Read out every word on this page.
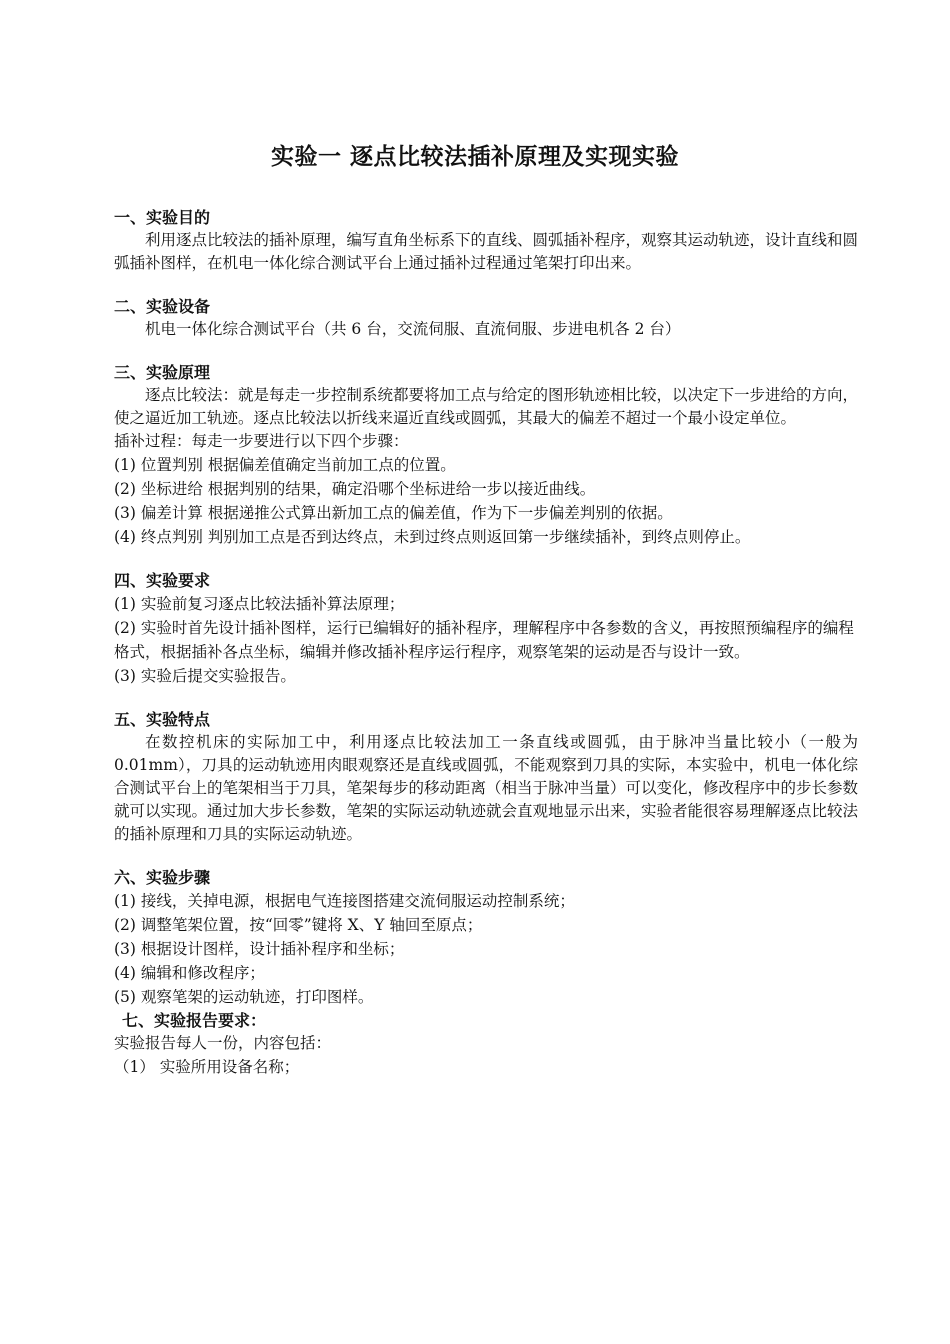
实验一 逐点比较法插补原理及实现实验

一、实验目的

利用逐点比较法的插补原理，编写直角坐标系下的直线、圆弧插补程序，观察其运动轨迹，设计直线和圆弧插补图样，在机电一体化综合测试平台上通过插补过程通过笔架打印出来。

二、实验设备

机电一体化综合测试平台（共 6 台，交流伺服、直流伺服、步进电机各 2 台）

三、实验原理

逐点比较法：就是每走一步控制系统都要将加工点与给定的图形轨迹相比较，以决定下一步进给的方向，使之逼近加工轨迹。逐点比较法以折线来逼近直线或圆弧，其最大的偏差不超过一个最小设定单位。

插补过程：每走一步要进行以下四个步骤：

(1) 位置判别 根据偏差值确定当前加工点的位置。

(2) 坐标进给 根据判别的结果，确定沿哪个坐标进给一步以接近曲线。

(3) 偏差计算 根据递推公式算出新加工点的偏差值，作为下一步偏差判别的依据。

(4) 终点判别 判别加工点是否到达终点，未到过终点则返回第一步继续插补，到终点则停止。

四、实验要求

(1) 实验前复习逐点比较法插补算法原理；

(2) 实验时首先设计插补图样，运行已编辑好的插补程序，理解程序中各参数的含义，再按照预编程序的编程格式，根据插补各点坐标，编辑并修改插补程序运行程序，观察笔架的运动是否与设计一致。

(3) 实验后提交实验报告。

五、实验特点

在数控机床的实际加工中，利用逐点比较法加工一条直线或圆弧，由于脉冲当量比较小（一般为 0.01mm），刀具的运动轨迹用肉眼观察还是直线或圆弧，不能观察到刀具的实际，本实验中，机电一体化综合测试平台上的笔架相当于刀具，笔架每步的移动距离（相当于脉冲当量）可以变化，修改程序中的步长参数就可以实现。通过加大步长参数，笔架的实际运动轨迹就会直观地显示出来，实验者能很容易理解逐点比较法的插补原理和刀具的实际运动轨迹。

六、实验步骤

(1) 接线，关掉电源，根据电气连接图搭建交流伺服运动控制系统；

(2) 调整笔架位置，按“回零”键将 X、Y 轴回至原点；

(3) 根据设计图样，设计插补程序和坐标；

(4) 编辑和修改程序；

(5) 观察笔架的运动轨迹，打印图样。

七、实验报告要求：

实验报告每人一份，内容包括：

（1） 实验所用设备名称；
